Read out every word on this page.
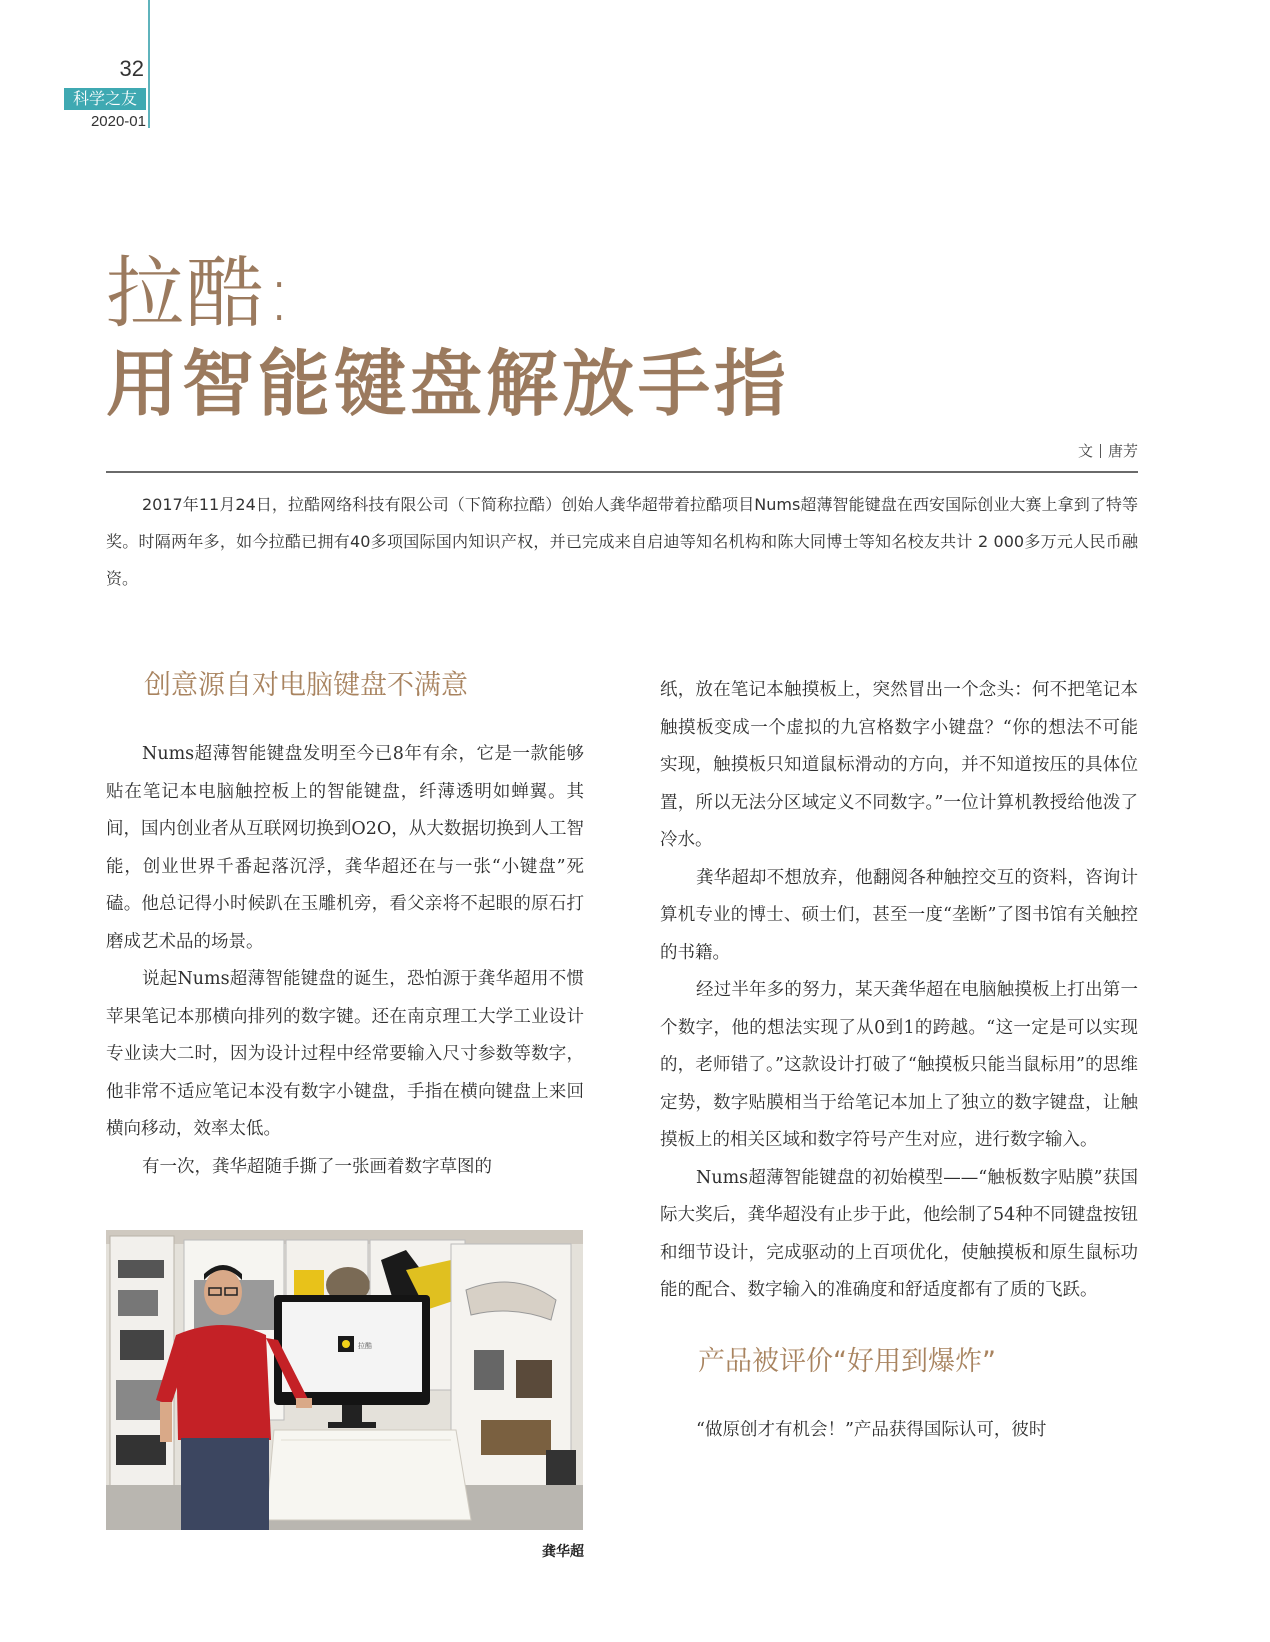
32
科学之友
2020-01
拉酷:
用智能键盘解放手指
文 唐芳

2017年11月24日，拉酷网络科技有限公司（下简称拉酷）创始人龚华超带着拉酷项目Nums超薄智能键盘在西安国际创业大赛上拿到了特等奖。时隔两年多，如今拉酷已拥有40多项国际国内知识产权，并已完成来自启迪等知名机构和陈大同博士等知名校友共计 2 000多万元人民币融资。

创意源自对电脑键盘不满意

Nums超薄智能键盘发明至今已8年有余，它是一款能够贴在笔记本电脑触控板上的智能键盘，纤薄透明如蝉翼。其间，国内创业者从互联网切换到O2O，从大数据切换到人工智能，创业世界千番起落沉浮，龚华超还在与一张“小键盘”死磕。他总记得小时候趴在玉雕机旁，看父亲将不起眼的原石打磨成艺术品的场景。

说起Nums超薄智能键盘的诞生，恐怕源于龚华超用不惯苹果笔记本那横向排列的数字键。还在南京理工大学工业设计专业读大二时，因为设计过程中经常要输入尺寸参数等数字，他非常不适应笔记本没有数字小键盘，手指在横向键盘上来回横向移动，效率太低。

有一次，龚华超随手撕了一张画着数字草图的

拉酷
龚华超

纸，放在笔记本触摸板上，突然冒出一个念头：何不把笔记本触摸板变成一个虚拟的九宫格数字小键盘？“你的想法不可能实现，触摸板只知道鼠标滑动的方向，并不知道按压的具体位置，所以无法分区域定义不同数字。”一位计算机教授给他泼了冷水。

龚华超却不想放弃，他翻阅各种触控交互的资料，咨询计算机专业的博士、硕士们，甚至一度“垄断”了图书馆有关触控的书籍。

经过半年多的努力，某天龚华超在电脑触摸板上打出第一个数字，他的想法实现了从0到1的跨越。“这一定是可以实现的，老师错了。”这款设计打破了“触摸板只能当鼠标用”的思维定势，数字贴膜相当于给笔记本加上了独立的数字键盘，让触摸板上的相关区域和数字符号产生对应，进行数字输入。

Nums超薄智能键盘的初始模型——“触板数字贴膜”获国际大奖后，龚华超没有止步于此，他绘制了54种不同键盘按钮和细节设计，完成驱动的上百项优化，使触摸板和原生鼠标功能的配合、数字输入的准确度和舒适度都有了质的飞跃。

产品被评价“好用到爆炸”

“做原创才有机会！”产品获得国际认可，彼时
